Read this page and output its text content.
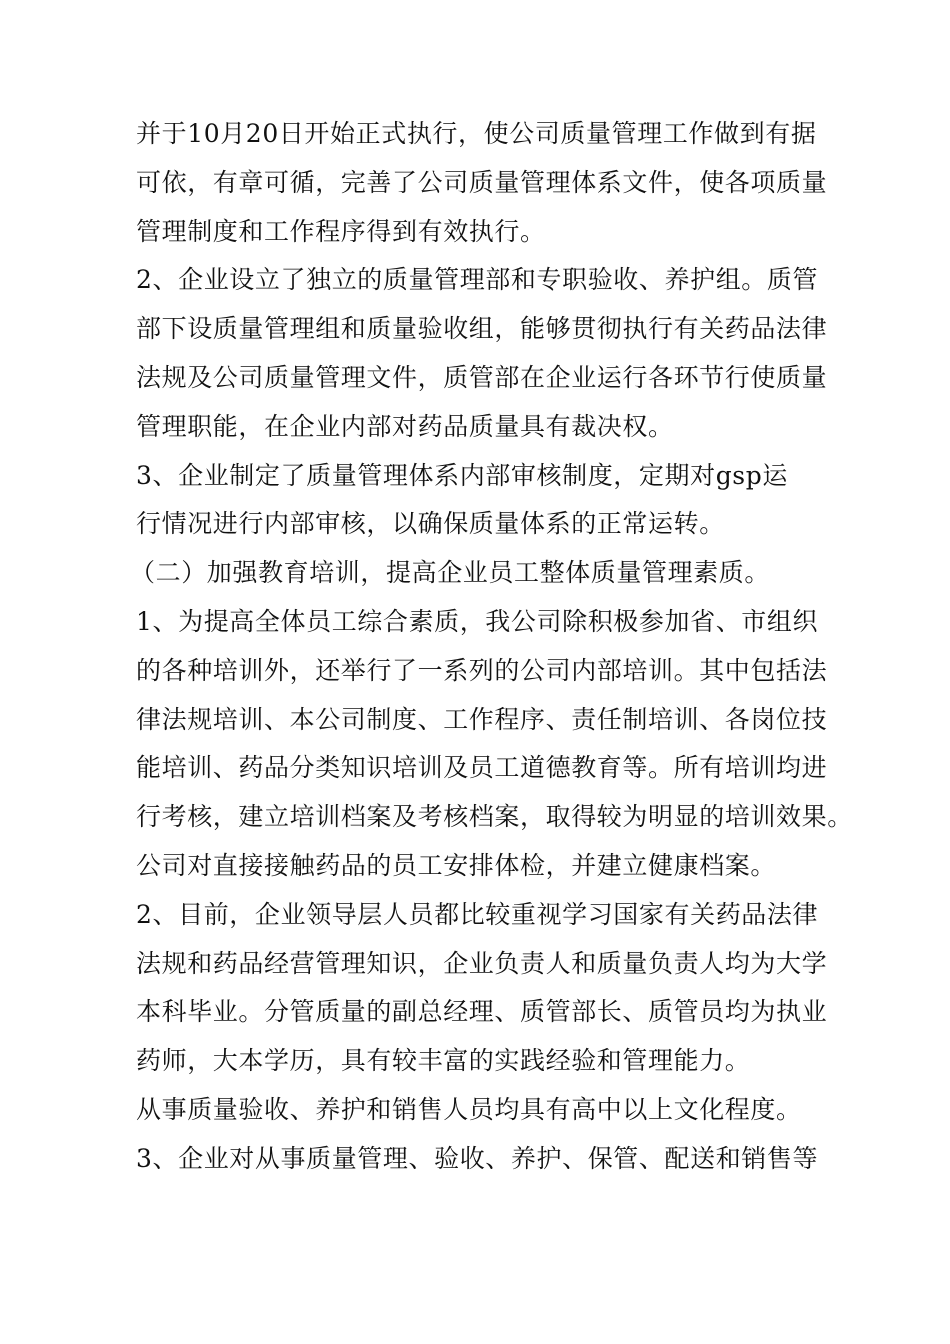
并于10月20日开始正式执行，使公司质量管理工作做到有据
可依，有章可循，完善了公司质量管理体系文件，使各项质量
管理制度和工作程序得到有效执行。
2、企业设立了独立的质量管理部和专职验收、养护组。质管
部下设质量管理组和质量验收组，能够贯彻执行有关药品法律
法规及公司质量管理文件，质管部在企业运行各环节行使质量
管理职能，在企业内部对药品质量具有裁决权。
3、企业制定了质量管理体系内部审核制度，定期对gsp运
行情况进行内部审核，以确保质量体系的正常运转。
（二）加强教育培训，提高企业员工整体质量管理素质。
1、为提高全体员工综合素质，我公司除积极参加省、市组织
的各种培训外，还举行了一系列的公司内部培训。其中包括法
律法规培训、本公司制度、工作程序、责任制培训、各岗位技
能培训、药品分类知识培训及员工道德教育等。所有培训均进
行考核，建立培训档案及考核档案，取得较为明显的培训效果。
公司对直接接触药品的员工安排体检，并建立健康档案。
2、目前，企业领导层人员都比较重视学习国家有关药品法律
法规和药品经营管理知识，企业负责人和质量负责人均为大学
本科毕业。分管质量的副总经理、质管部长、质管员均为执业
药师，大本学历，具有较丰富的实践经验和管理能力。
从事质量验收、养护和销售人员均具有高中以上文化程度。
3、企业对从事质量管理、验收、养护、保管、配送和销售等
